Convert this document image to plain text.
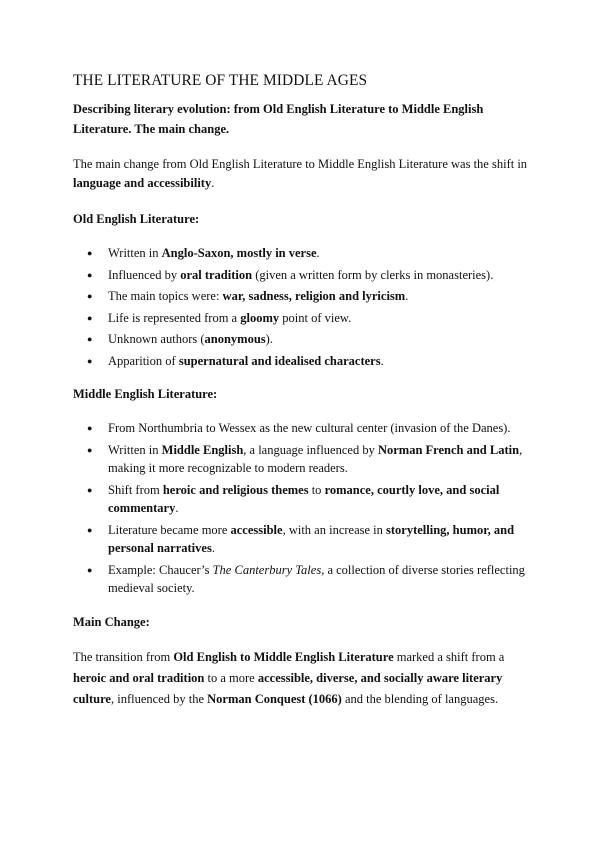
THE LITERATURE OF THE MIDDLE AGES

Describing literary evolution: from Old English Literature to Middle English Literature. The main change.

The main change from Old English Literature to Middle English Literature was the shift in language and accessibility.

Old English Literature:

● Written in Anglo-Saxon, mostly in verse.
● Influenced by oral tradition (given a written form by clerks in monasteries).
● The main topics were: war, sadness, religion and lyricism.
● Life is represented from a gloomy point of view.
● Unknown authors (anonymous).
● Apparition of supernatural and idealised characters.

Middle English Literature:

● From Northumbria to Wessex as the new cultural center (invasion of the Danes).
● Written in Middle English, a language influenced by Norman French and Latin, making it more recognizable to modern readers.
● Shift from heroic and religious themes to romance, courtly love, and social commentary.
● Literature became more accessible, with an increase in storytelling, humor, and personal narratives.
● Example: Chaucer’s The Canterbury Tales, a collection of diverse stories reflecting medieval society.

Main Change:

The transition from Old English to Middle English Literature marked a shift from a heroic and oral tradition to a more accessible, diverse, and socially aware literary culture, influenced by the Norman Conquest (1066) and the blending of languages.
